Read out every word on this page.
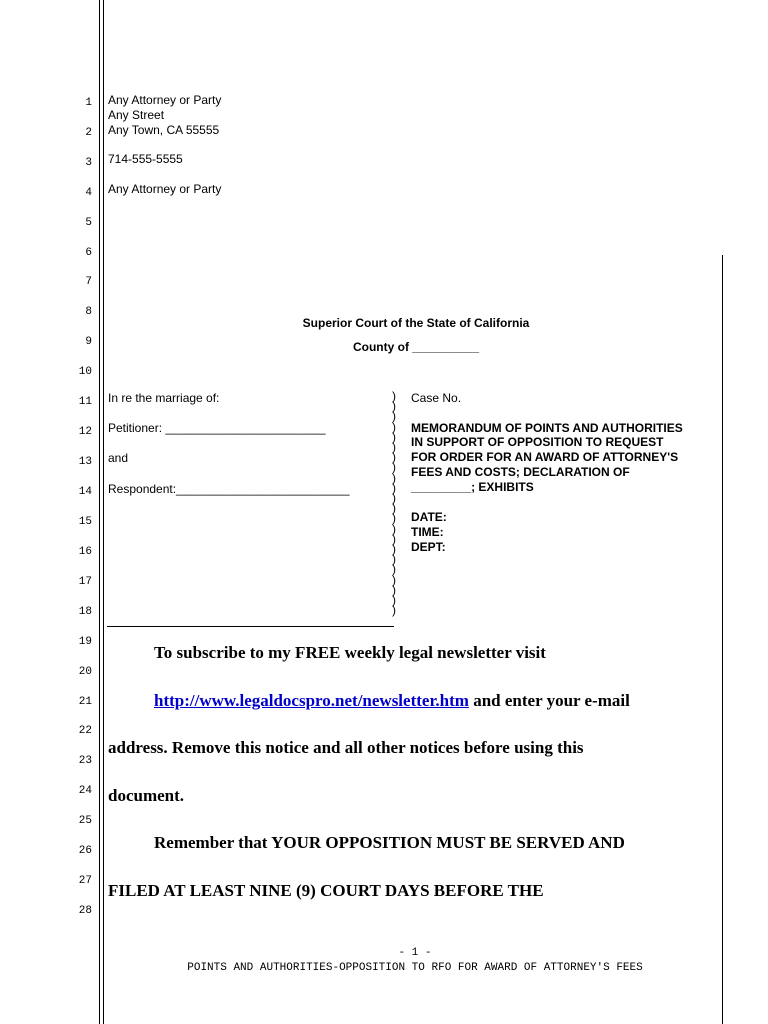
1
2
3
4
5
6
7
8
9
10
11
12
13
14
15
16
17
18
19
20
21
22
23
24
25
26
27
28
Any Attorney or Party
Any Street
Any Town, CA 55555
714-555-5555
Any Attorney or Party
Superior Court of the State of California
County of __________
In re the marriage of:
Petitioner: ________________________
and
Respondent:__________________________
)
)
)
)
)
)
)
)
)
)
)
)
)
)
)
)
)
)
)
)
)
)
Case No.
MEMORANDUM OF POINTS AND AUTHORITIES
IN SUPPORT OF OPPOSITION TO REQUEST
FOR ORDER FOR AN AWARD OF ATTORNEY'S
FEES AND COSTS; DECLARATION OF
_________; EXHIBITS
DATE:
TIME:
DEPT:
To subscribe to my FREE weekly legal newsletter visit
http://www.legaldocspro.net/newsletter.htm and enter your e-mail
address. Remove this notice and all other notices before using this
document.
Remember that YOUR OPPOSITION MUST BE SERVED AND
FILED AT LEAST NINE (9) COURT DAYS BEFORE THE
- 1 -
POINTS AND AUTHORITIES-OPPOSITION TO RFO FOR AWARD OF ATTORNEY'S FEES
